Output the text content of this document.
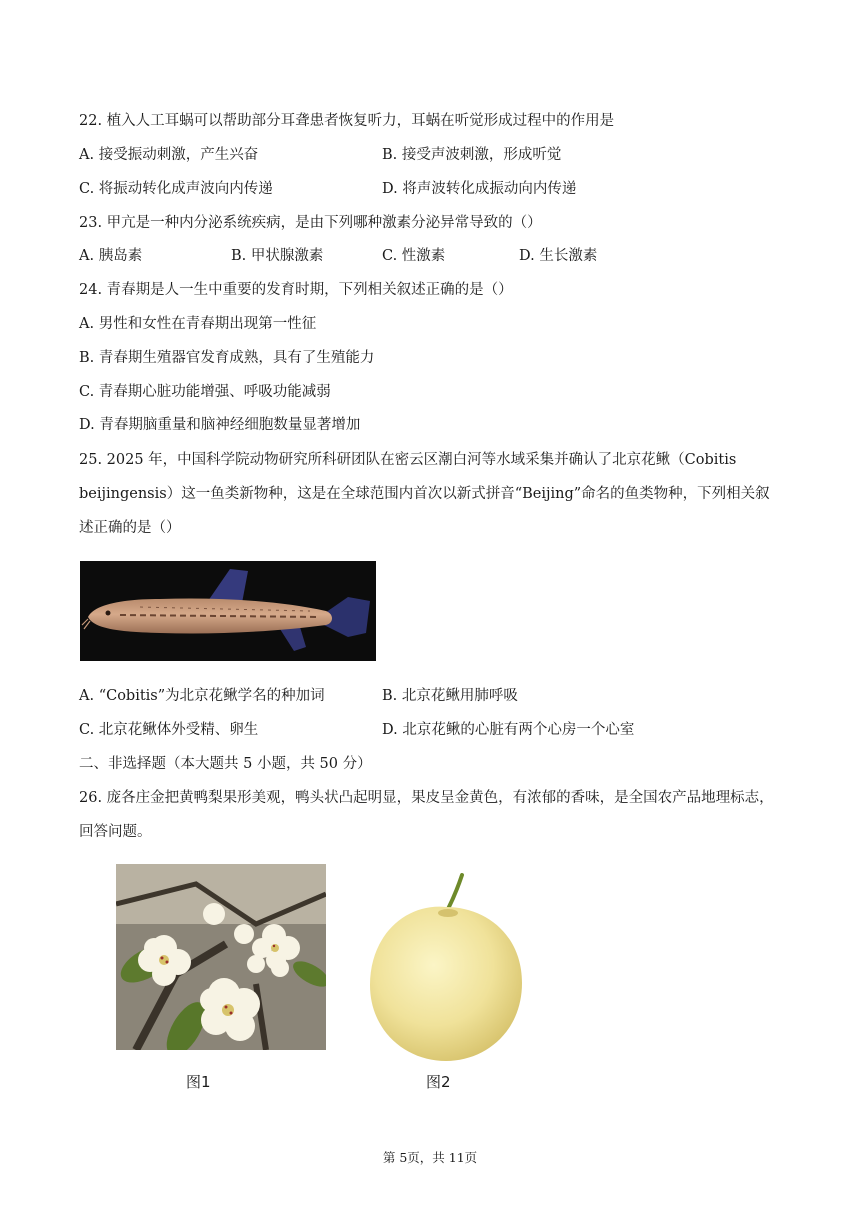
22. 植入人工耳蜗可以帮助部分耳聋患者恢复听力，耳蜗在听觉形成过程中的作用是
A. 接受振动刺激，产生兴奋	B. 接受声波刺激，形成听觉
C. 将振动转化成声波向内传递	D. 将声波转化成振动向内传递
23. 甲亢是一种内分泌系统疾病，是由下列哪种激素分泌异常导致的（）
A. 胰岛素	B. 甲状腺激素	C. 性激素	D. 生长激素
24. 青春期是人一生中重要的发育时期，下列相关叙述正确的是（）
A. 男性和女性在青春期出现第一性征
B. 青春期生殖器官发育成熟，具有了生殖能力
C. 青春期心脏功能增强、呼吸功能减弱
D. 青春期脑重量和脑神经细胞数量显著增加
25. 2025 年，中国科学院动物研究所科研团队在密云区潮白河等水域采集并确认了北京花鳅（Cobitis
beijingensis）这一鱼类新物种，这是在全球范围内首次以新式拼音“Beijing”命名的鱼类物种，下列相关叙
述正确的是（）
A. “Cobitis”为北京花鳅学名的种加词	B. 北京花鳅用肺呼吸
C. 北京花鳅体外受精、卵生	D. 北京花鳅的心脏有两个心房一个心室
二、非选择题（本大题共 5 小题，共 50 分）
26. 庞各庄金把黄鸭梨果形美观，鸭头状凸起明显，果皮呈金黄色，有浓郁的香味，是全国农产品地理标志，
回答问题。
图1	图2
第 5页，共 11页
